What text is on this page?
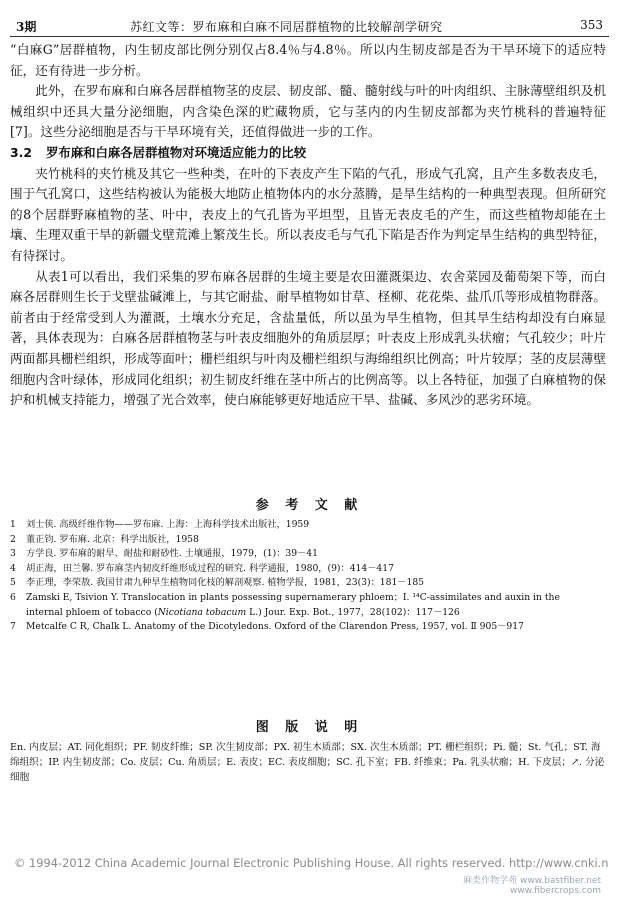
3期	苏红文等：罗布麻和白麻不同居群植物的比较解剖学研究	353

“白麻G”居群植物，内生韧皮部比例分别仅占8.4％与4.8％。所以内生韧皮部是否为干旱环境下的适应特征，还有待进一步分析。

此外，在罗布麻和白麻各居群植物茎的皮层、韧皮部、髓、髓射线与叶的叶肉组织、主脉薄壁组织及机械组织中还具大量分泌细胞，内含染色深的贮藏物质，它与茎内的内生韧皮部都为夹竹桃科的普遍特征[7]。这些分泌细胞是否与干旱环境有关，还值得做进一步的工作。

3.2 罗布麻和白麻各居群植物对环境适应能力的比较

夹竹桃科的夹竹桃及其它一些种类，在叶的下表皮产生下陷的气孔，形成气孔窝，且产生多数表皮毛，围于气孔窝口，这些结构被认为能极大地防止植物体内的水分蒸腾，是旱生结构的一种典型表现。但所研究的8个居群野麻植物的茎、叶中，表皮上的气孔皆为平坦型，且皆无表皮毛的产生，而这些植物却能在土壤、生理双重干旱的新疆戈壁荒滩上繁茂生长。所以表皮毛与气孔下陷是否作为判定旱生结构的典型特征，有待探讨。

从表1可以看出，我们采集的罗布麻各居群的生境主要是农田灌溉渠边、农舍菜园及葡萄架下等，而白麻各居群则生长于戈壁盐碱滩上，与其它耐盐、耐旱植物如甘草、柽柳、花花柴、盐爪爪等形成植物群落。前者由于经常受到人为灌溉，土壤水分充足，含盐量低，所以虽为旱生植物，但其旱生结构却没有白麻显著，具体表现为：白麻各居群植物茎与叶表皮细胞外的角质层厚；叶表皮上形成乳头状瘤；气孔较少；叶片两面都具栅栏组织，形成等面叶；栅栏组织与叶肉及栅栏组织与海绵组织比例高；叶片较厚；茎的皮层薄壁细胞内含叶绿体，形成同化组织；初生韧皮纤维在茎中所占的比例高等。以上各特征，加强了白麻植物的保护和机械支持能力，增强了光合效率，使白麻能够更好地适应干旱、盐碱、多风沙的恶劣环境。

参 考 文 献
1 刘士侠. 高级纤维作物——罗布麻. 上海：上海科学技术出版社，1959
2 董正钧. 罗布麻. 北京：科学出版社，1958
3 方学良. 罗布麻的耐旱、耐盐和耐砂性. 土壤通报，1979，(1)：39－41
4 胡正海，田兰馨. 罗布麻茎内韧皮纤维形成过程的研究. 科学通报，1980，(9)：414－417
5 李正理，李荣敖. 我国甘肃九种旱生植物同化枝的解剖观察. 植物学报，1981，23(3)：181－185
6 Zamski E, Tsivion Y. Translocation in plants possessing supernamerary phloem；Ⅰ. ¹⁴C-assimilates and auxin in the
internal phloem of tobacco (Nicotiana tobacum L.) Jour. Exp. Bot., 1977，28(102)：117－126
7 Metcalfe C R, Chalk L. Anatomy of the Dicotyledons. Oxford of the Clarendon Press, 1957, vol. Ⅱ 905－917
图 版 说 明

En. 内皮层；AT. 同化组织；PF. 韧皮纤维；SP. 次生韧皮部；PX. 初生木质部；SX. 次生木质部；PT. 栅栏组织；Pi. 髓；St. 气孔；ST. 海绵组织；IP. 内生韧皮部；Co. 皮层；Cu. 角质层；E. 表皮；EC. 表皮细胞；SC. 孔下室；FB. 纤维束；Pa. 乳头状瘤；H. 下皮层；↗. 分泌细胞

© 1994-2012 China Academic Journal Electronic Publishing House. All rights reserved. http://www.cnki.n
麻类作物学苑 www.bastfiber.net
www.fibercrops.com
